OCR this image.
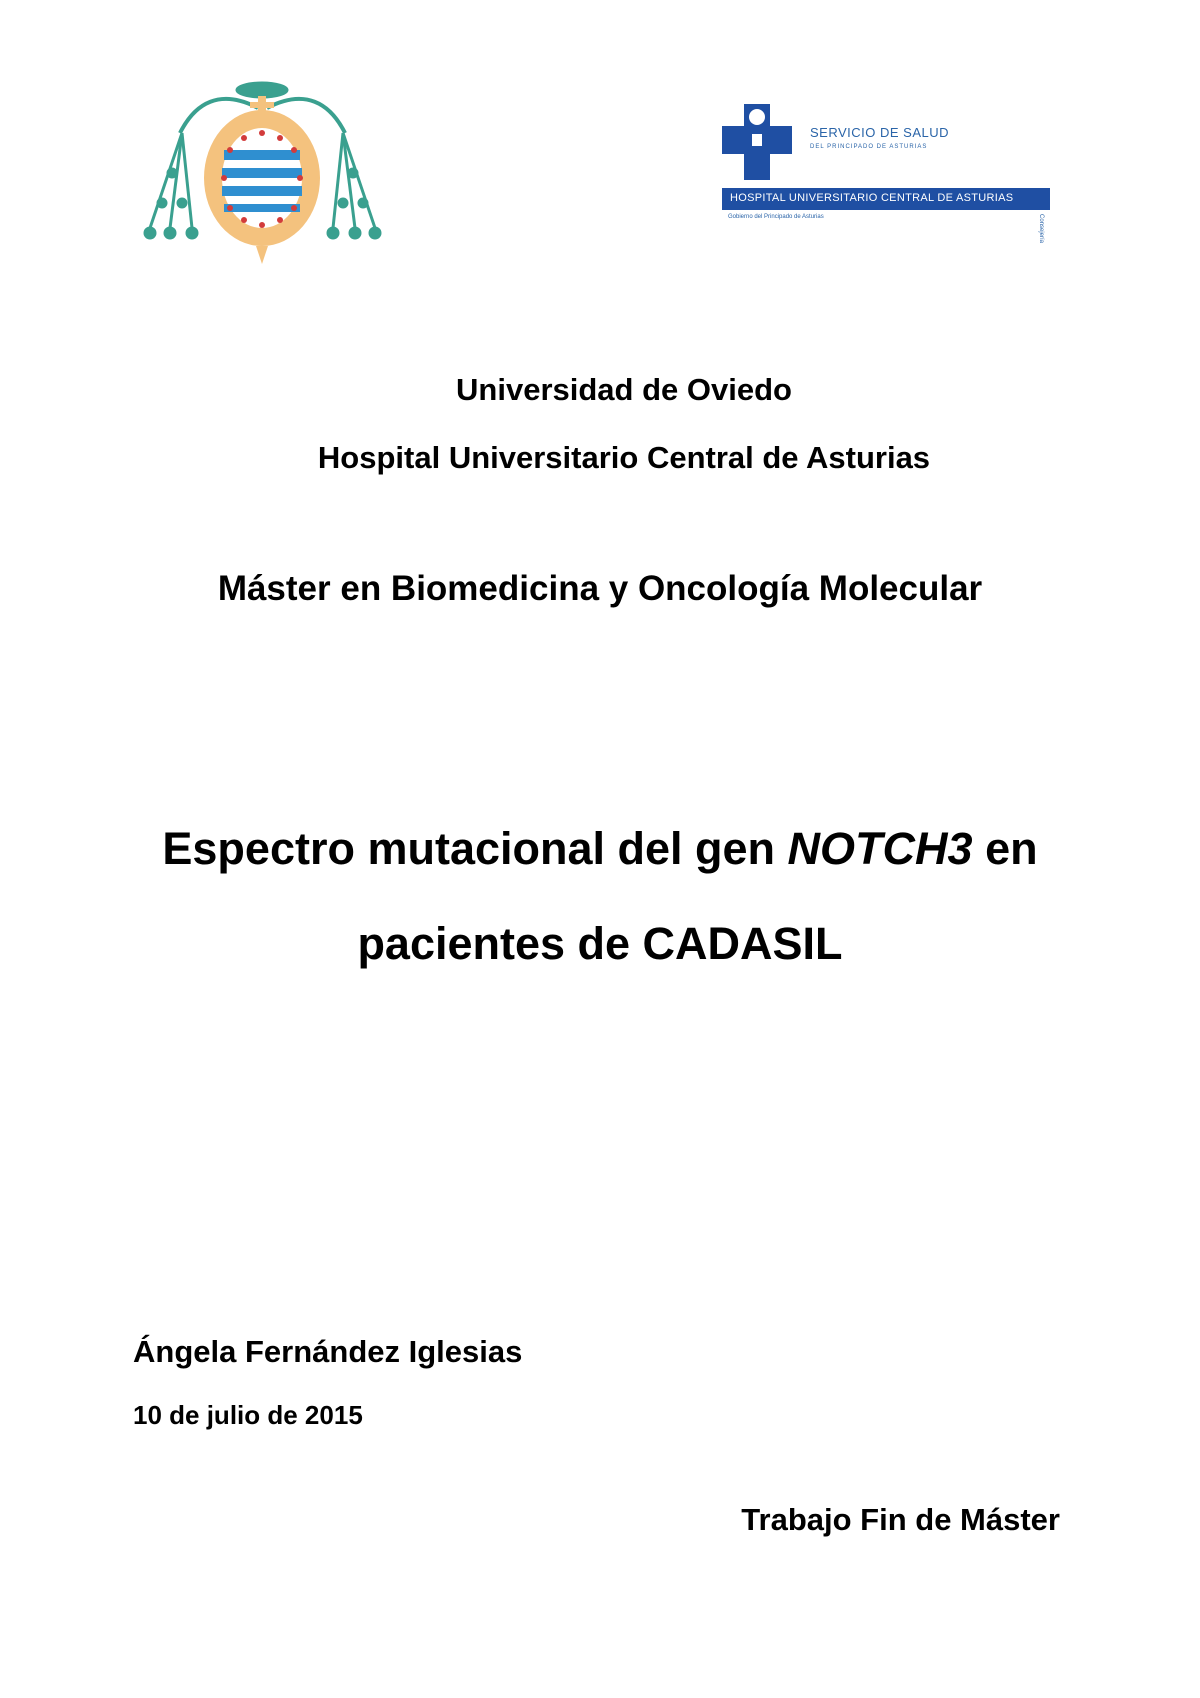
SERVICIO DE SALUD
DEL PRINCIPADO DE ASTURIAS
HOSPITAL UNIVERSITARIO CENTRAL DE ASTURIAS
Gobierno del Principado de Asturias	Consejería
Universidad de Oviedo
Hospital Universitario Central de Asturias
Máster en Biomedicina y Oncología Molecular
Espectro mutacional del gen NOTCH3 en
pacientes de CADASIL
Ángela Fernández Iglesias
10 de julio de 2015
Trabajo Fin de Máster
